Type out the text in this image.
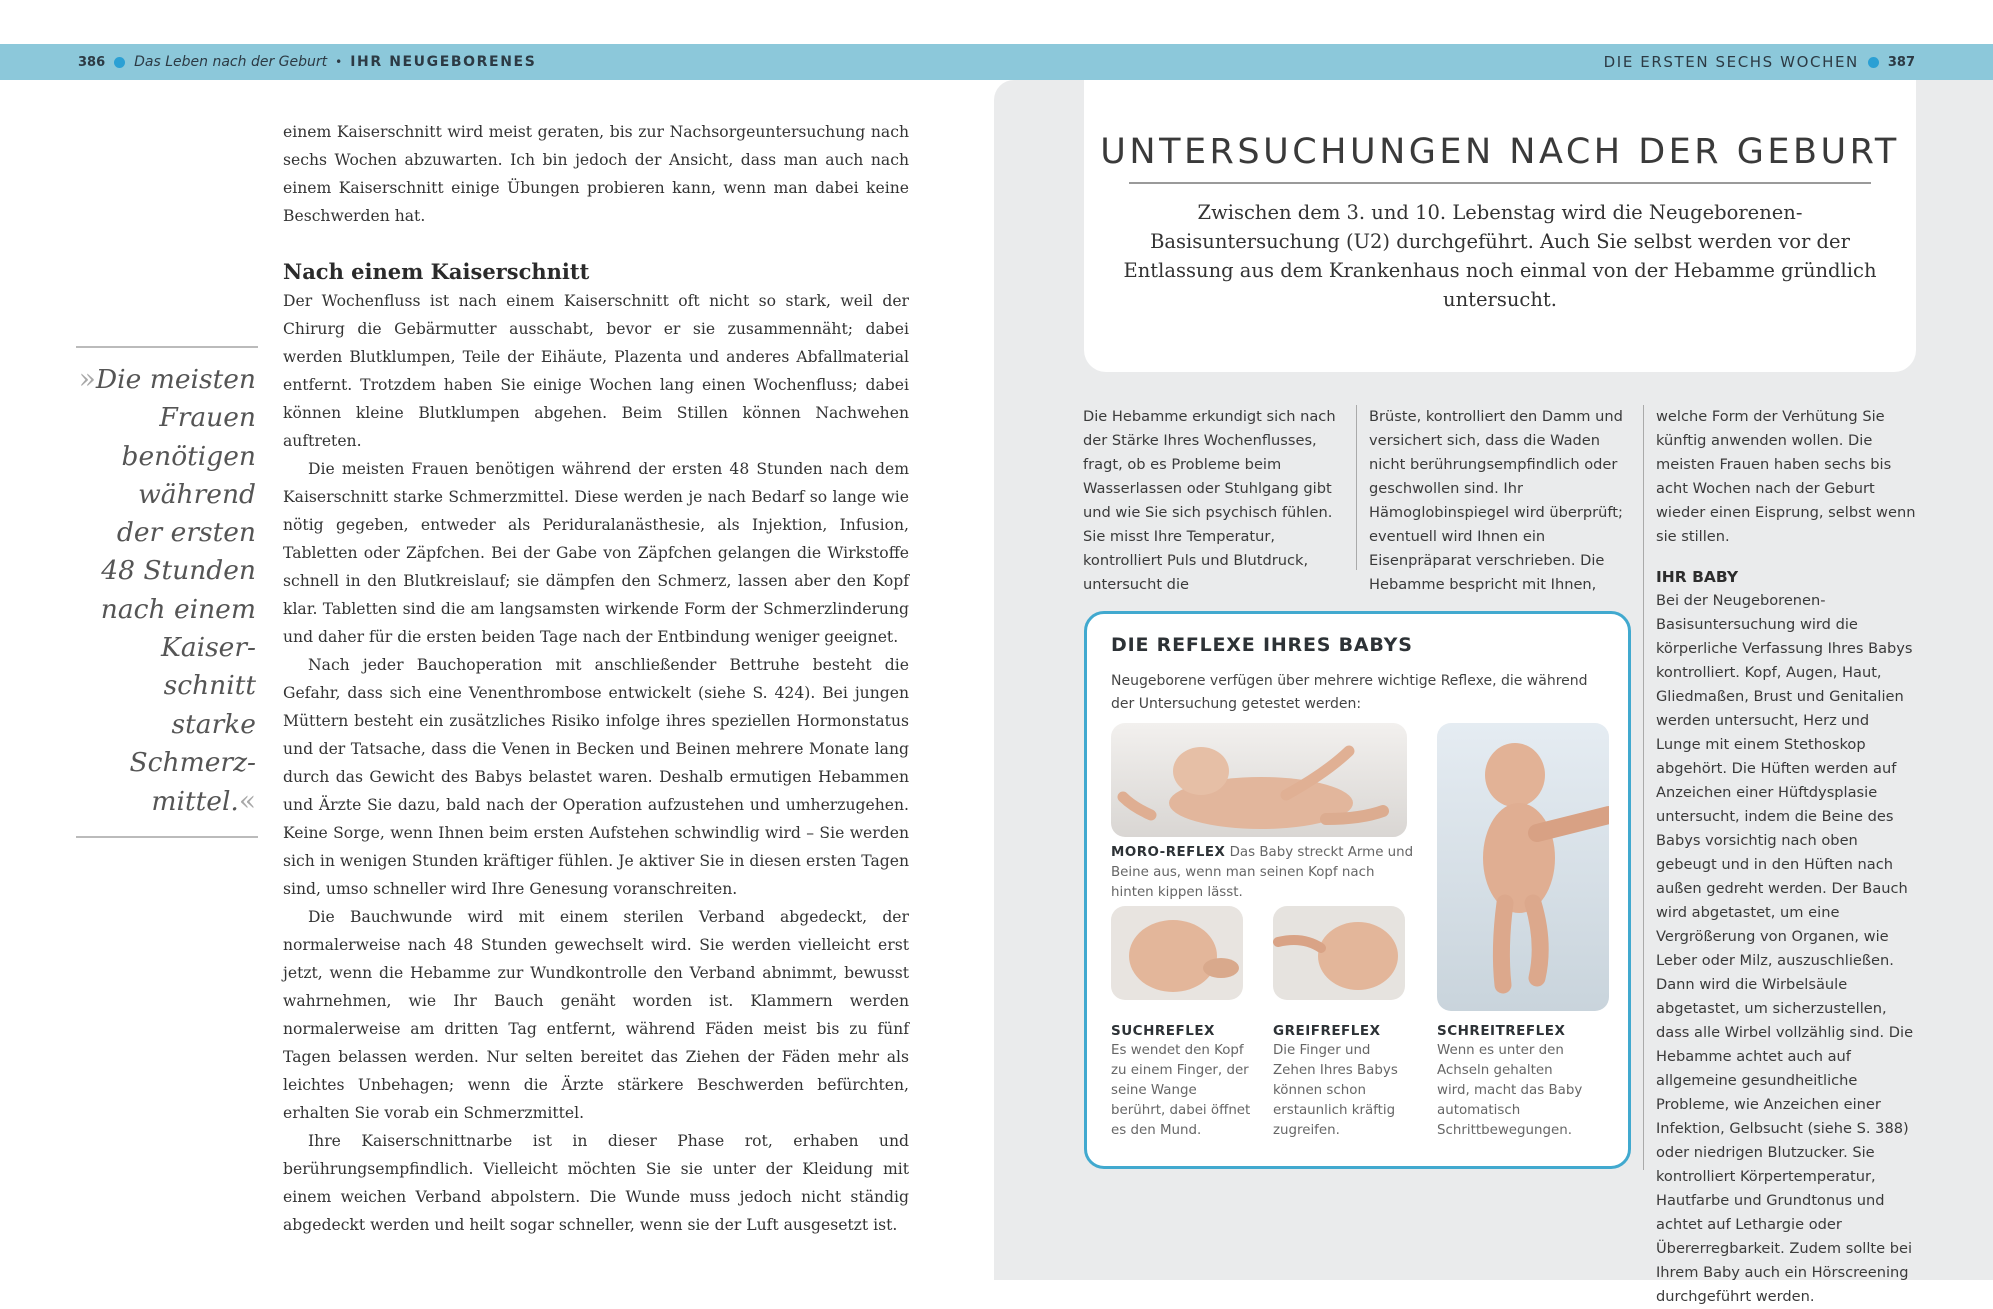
386 Das Leben nach der Geburt • IHR NEUGEBORENES	DIE ERSTEN SECHS WOCHEN 387

einem Kaiserschnitt wird meist geraten, bis zur Nachsorgeuntersuchung nach sechs Wochen abzuwarten. Ich bin jedoch der Ansicht, dass man auch nach einem Kaiserschnitt einige Übungen probieren kann, wenn man dabei keine Beschwerden hat.

Nach einem Kaiserschnitt

Der Wochenfluss ist nach einem Kaiserschnitt oft nicht so stark, weil der Chirurg die Gebärmutter ausschabt, bevor er sie zusammennäht; dabei werden Blutklumpen, Teile der Eihäute, Plazenta und anderes Abfallmaterial entfernt. Trotzdem haben Sie einige Wochen lang einen Wochenfluss; dabei können kleine Blutklumpen abgehen. Beim Stillen können Nachwehen auftreten.

Die meisten Frauen benötigen während der ersten 48 Stunden nach dem Kaiserschnitt starke Schmerzmittel. Diese werden je nach Bedarf so lange wie nötig gegeben, entweder als Periduralanästhesie, als Injektion, Infusion, Tabletten oder Zäpfchen. Bei der Gabe von Zäpfchen gelangen die Wirkstoffe schnell in den Blutkreislauf; sie dämpfen den Schmerz, lassen aber den Kopf klar. Tabletten sind die am langsamsten wirkende Form der Schmerzlinderung und daher für die ersten beiden Tage nach der Entbindung weniger geeignet.

Nach jeder Bauchoperation mit anschließender Bettruhe besteht die Gefahr, dass sich eine Venenthrombose entwickelt (siehe S. 424). Bei jungen Müttern besteht ein zusätzliches Risiko infolge ihres speziellen Hormonstatus und der Tatsache, dass die Venen in Becken und Beinen mehrere Monate lang durch das Gewicht des Babys belastet waren. Deshalb ermutigen Hebammen und Ärzte Sie dazu, bald nach der Operation aufzustehen und umherzugehen. Keine Sorge, wenn Ihnen beim ersten Aufstehen schwindlig wird – Sie werden sich in wenigen Stunden kräftiger fühlen. Je aktiver Sie in diesen ersten Tagen sind, umso schneller wird Ihre Genesung voranschreiten.

Die Bauchwunde wird mit einem sterilen Verband abgedeckt, der normalerweise nach 48 Stunden gewechselt wird. Sie werden vielleicht erst jetzt, wenn die Hebamme zur Wundkontrolle den Verband abnimmt, bewusst wahrnehmen, wie Ihr Bauch genäht worden ist. Klammern werden normalerweise am dritten Tag entfernt, während Fäden meist bis zu fünf Tagen belassen werden. Nur selten bereitet das Ziehen der Fäden mehr als leichtes Unbehagen; wenn die Ärzte stärkere Beschwerden befürchten, erhalten Sie vorab ein Schmerzmittel.

Ihre Kaiserschnittnarbe ist in dieser Phase rot, erhaben und berührungsempfindlich. Vielleicht möchten Sie sie unter der Kleidung mit einem weichen Verband abpolstern. Die Wunde muss jedoch nicht ständig abgedeckt werden und heilt sogar schneller, wenn sie der Luft ausgesetzt ist.

»Die meisten
Frauen
benötigen
während
der ersten
48 Stunden
nach einem
Kaiser-
schnitt starke
Schmerz-
mittel.«
UNTERSUCHUNGEN NACH DER GEBURT
Zwischen dem 3. und 10. Lebenstag wird die Neugeborenen-Basisuntersuchung (U2) durchgeführt. Auch Sie selbst werden vor der Entlassung aus dem Krankenhaus noch einmal von der Hebamme gründlich untersucht.

Die Hebamme erkundigt sich nach der Stärke Ihres Wochenflusses, fragt, ob es Probleme beim Wasserlassen oder Stuhlgang gibt und wie Sie sich psychisch fühlen. Sie misst Ihre Temperatur, kontrolliert Puls und Blutdruck, untersucht die

Brüste, kontrolliert den Damm und versichert sich, dass die Waden nicht berührungsempfindlich oder geschwollen sind. Ihr Hämoglobinspiegel wird überprüft; eventuell wird Ihnen ein Eisenpräparat verschrieben. Die Hebamme bespricht mit Ihnen,

welche Form der Verhütung Sie künftig anwenden wollen. Die meisten Frauen haben sechs bis acht Wochen nach der Geburt wieder einen Eisprung, selbst wenn sie stillen.

IHR BABY

Bei der Neugeborenen-Basisuntersuchung wird die körperliche Verfassung Ihres Babys kontrolliert. Kopf, Augen, Haut, Gliedmaßen, Brust und Genitalien werden untersucht, Herz und Lunge mit einem Stethoskop abgehört. Die Hüften werden auf Anzeichen einer Hüftdysplasie untersucht, indem die Beine des Babys vorsichtig nach oben gebeugt und in den Hüften nach außen gedreht werden. Der Bauch wird abgetastet, um eine Vergrößerung von Organen, wie Leber oder Milz, auszuschließen. Dann wird die Wirbelsäule abgetastet, um sicherzustellen, dass alle Wirbel vollzählig sind. Die Hebamme achtet auch auf allgemeine gesundheitliche Probleme, wie Anzeichen einer Infektion, Gelbsucht (siehe S. 388) oder niedrigen Blutzucker. Sie kontrolliert Körpertemperatur, Hautfarbe und Grundtonus und achtet auf Lethargie oder Übererregbarkeit. Zudem sollte bei Ihrem Baby auch ein Hörscreening durchgeführt werden.

DIE REFLEXE IHRES BABYS
Neugeborene verfügen über mehrere wichtige Reflexe, die während der Untersuchung getestet werden:
MORO-REFLEX Das Baby streckt Arme und Beine aus, wenn man seinen Kopf nach hinten kippen lässt.
SUCHREFLEX
Es wendet den Kopf zu einem Finger, der seine Wange berührt, dabei öffnet es den Mund.
GREIFREFLEX
Die Finger und Zehen Ihres Babys können schon erstaunlich kräftig zugreifen.
SCHREITREFLEX
Wenn es unter den Achseln gehalten wird, macht das Baby automatisch Schrittbewegungen.
